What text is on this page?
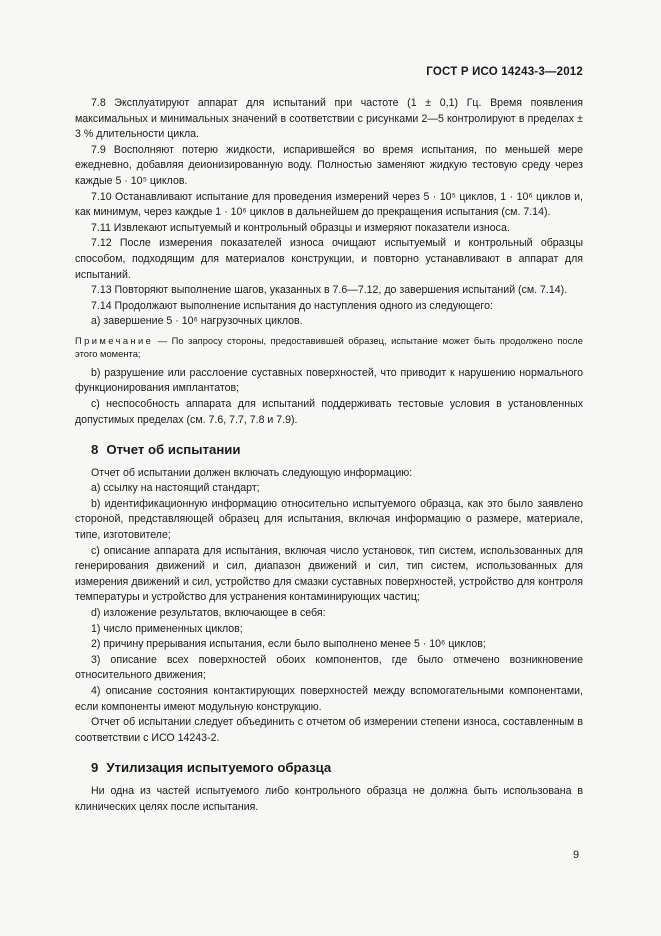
ГОСТ Р ИСО 14243-3—2012

7.8 Эксплуатируют аппарат для испытаний при частоте (1 ± 0,1) Гц. Время появления максимальных и минимальных значений в соответствии с рисунками 2—5 контролируют в пределах ± 3 % длительности цикла.

7.9 Восполняют потерю жидкости, испарившейся во время испытания, по меньшей мере ежедневно, добавляя деионизированную воду. Полностью заменяют жидкую тестовую среду через каждые 5 · 10⁵ циклов.

7.10 Останавливают испытание для проведения измерений через 5 · 10⁵ циклов, 1 · 10⁶ циклов и, как минимум, через каждые 1 · 10⁶ циклов в дальнейшем до прекращения испытания (см. 7.14).

7.11 Извлекают испытуемый и контрольный образцы и измеряют показатели износа.

7.12 После измерения показателей износа очищают испытуемый и контрольный образцы способом, подходящим для материалов конструкции, и повторно устанавливают в аппарат для испытаний.

7.13 Повторяют выполнение шагов, указанных в 7.6—7.12, до завершения испытаний (см. 7.14).

7.14 Продолжают выполнение испытания до наступления одного из следующего:

a) завершение 5 · 10⁶ нагрузочных циклов.

Примечание — По запросу стороны, предоставившей образец, испытание может быть продолжено после этого момента;

b) разрушение или расслоение суставных поверхностей, что приводит к нарушению нормального функционирования имплантатов;

c) неспособность аппарата для испытаний поддерживать тестовые условия в установленных допустимых пределах (см. 7.6, 7.7, 7.8 и 7.9).

8 Отчет об испытании

Отчет об испытании должен включать следующую информацию:

a) ссылку на настоящий стандарт;

b) идентификационную информацию относительно испытуемого образца, как это было заявлено стороной, представляющей образец для испытания, включая информацию о размере, материале, типе, изготовителе;

c) описание аппарата для испытания, включая число установок, тип систем, использованных для генерирования движений и сил, диапазон движений и сил, тип систем, использованных для измерения движений и сил, устройство для смазки суставных поверхностей, устройство для контроля температуры и устройство для устранения контаминирующих частиц;

d) изложение результатов, включающее в себя:

1) число примененных циклов;

2) причину прерывания испытания, если было выполнено менее 5 · 10⁶ циклов;

3) описание всех поверхностей обоих компонентов, где было отмечено возникновение относительного движения;

4) описание состояния контактирующих поверхностей между вспомогательными компонентами, если компоненты имеют модульную конструкцию.

Отчет об испытании следует объединить с отчетом об измерении степени износа, составленным в соответствии с ИСО 14243-2.

9 Утилизация испытуемого образца

Ни одна из частей испытуемого либо контрольного образца не должна быть использована в клинических целях после испытания.

9
